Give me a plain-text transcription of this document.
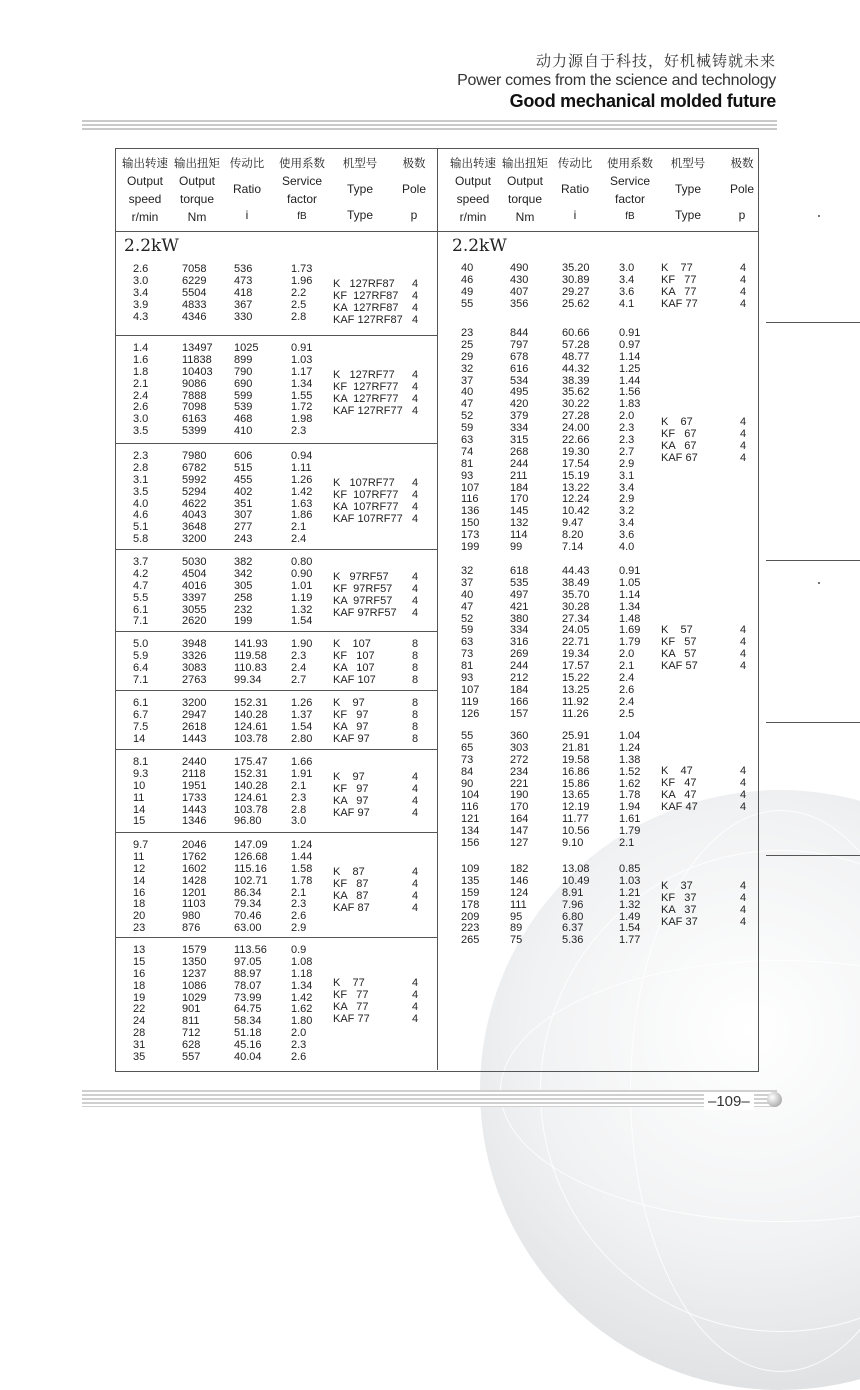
动力源自于科技，好机械铸就未来
Power comes from the science and technology
Good mechanical molded future
输出转速
Output
speed
r/min
输出扭矩
Output
torque
Nm
传动比
Ratio
i
使用系数
Service
factor
fB
机型号
Type
Type
极数
Pole
p
输出转速
Output
speed
r/min
输出扭矩
Output
torque
Nm
传动比
Ratio
i
使用系数
Service
factor
fB
机型号
Type
Type
极数
Pole
p
2.2kW	2.2kW
2.6
3.0
3.4
3.9
4.3
7058
6229
5504
4833
4346
536
473
418
367
330
1.73
1.96
2.2
2.5
2.8
K   127RF87
KF  127RF87
KA  127RF87
KAF 127RF87
4
4
4
4
1.4
1.6
1.8
2.1
2.4
2.6
3.0
3.5
13497
11838
10403
9086
7888
7098
6163
5399
1025
899
790
690
599
539
468
410
0.91
1.03
1.17
1.34
1.55
1.72
1.98
2.3
K   127RF77
KF  127RF77
KA  127RF77
KAF 127RF77
4
4
4
4
2.3
2.8
3.1
3.5
4.0
4.6
5.1
5.8
7980
6782
5992
5294
4622
4043
3648
3200
606
515
455
402
351
307
277
243
0.94
1.11
1.26
1.42
1.63
1.86
2.1
2.4
K   107RF77
KF  107RF77
KA  107RF77
KAF 107RF77
4
4
4
4
3.7
4.2
4.7
5.5
6.1
7.1
5030
4504
4016
3397
3055
2620
382
342
305
258
232
199
0.80
0.90
1.01
1.19
1.32
1.54
K   97RF57
KF  97RF57
KA  97RF57
KAF 97RF57
4
4
4
4
5.0
5.9
6.4
7.1
3948
3326
3083
2763
141.93
119.58
110.83
99.34
1.90
2.3
2.4
2.7
K    107
KF   107
KA   107
KAF 107
8
8
8
8
6.1
6.7
7.5
14
3200
2947
2618
1443
152.31
140.28
124.61
103.78
1.26
1.37
1.54
2.80
K    97
KF   97
KA   97
KAF 97
8
8
8
8
8.1
9.3
10
11
14
15
2440
2118
1951
1733
1443
1346
175.47
152.31
140.28
124.61
103.78
96.80
1.66
1.91
2.1
2.3
2.8
3.0
K    97
KF   97
KA   97
KAF 97
4
4
4
4
9.7
11
12
14
16
18
20
23
2046
1762
1602
1428
1201
1103
980
876
147.09
126.68
115.16
102.71
86.34
79.34
70.46
63.00
1.24
1.44
1.58
1.78
2.1
2.3
2.6
2.9
K    87
KF   87
KA   87
KAF 87
4
4
4
4
13
15
16
18
19
22
24
28
31
35
1579
1350
1237
1086
1029
901
811
712
628
557
113.56
97.05
88.97
78.07
73.99
64.75
58.34
51.18
45.16
40.04
0.9
1.08
1.18
1.34
1.42
1.62
1.80
2.0
2.3
2.6
K    77
KF   77
KA   77
KAF 77
4
4
4
4
40
46
49
55
490
430
407
356
35.20
30.89
29.27
25.62
3.0
3.4
3.6
4.1
K    77
KF   77
KA   77
KAF 77
4
4
4
4
23
25
29
32
37
40
47
52
59
63
74
81
93
107
116
136
150
173
199
844
797
678
616
534
495
420
379
334
315
268
244
211
184
170
145
132
114
99
60.66
57.28
48.77
44.32
38.39
35.62
30.22
27.28
24.00
22.66
19.30
17.54
15.19
13.22
12.24
10.42
9.47
8.20
7.14
0.91
0.97
1.14
1.25
1.44
1.56
1.83
2.0
2.3
2.3
2.7
2.9
3.1
3.4
2.9
3.2
3.4
3.6
4.0
K    67
KF   67
KA   67
KAF 67
4
4
4
4
32
37
40
47
52
59
63
73
81
93
107
119
126
618
535
497
421
380
334
316
269
244
212
184
166
157
44.43
38.49
35.70
30.28
27.34
24.05
22.71
19.34
17.57
15.22
13.25
11.92
11.26
0.91
1.05
1.14
1.34
1.48
1.69
1.79
2.0
2.1
2.4
2.6
2.4
2.5
K    57
KF   57
KA   57
KAF 57
4
4
4
4
55
65
73
84
90
104
116
121
134
156
360
303
272
234
221
190
170
164
147
127
25.91
21.81
19.58
16.86
15.86
13.65
12.19
11.77
10.56
9.10
1.04
1.24
1.38
1.52
1.62
1.78
1.94
1.61
1.79
2.1
K    47
KF   47
KA   47
KAF 47
4
4
4
4
109
135
159
178
209
223
265
182
146
124
111
95
89
75
13.08
10.49
8.91
7.96
6.80
6.37
5.36
0.85
1.03
1.21
1.32
1.49
1.54
1.77
K    37
KF   37
KA   37
KAF 37
4
4
4
4
–109–
